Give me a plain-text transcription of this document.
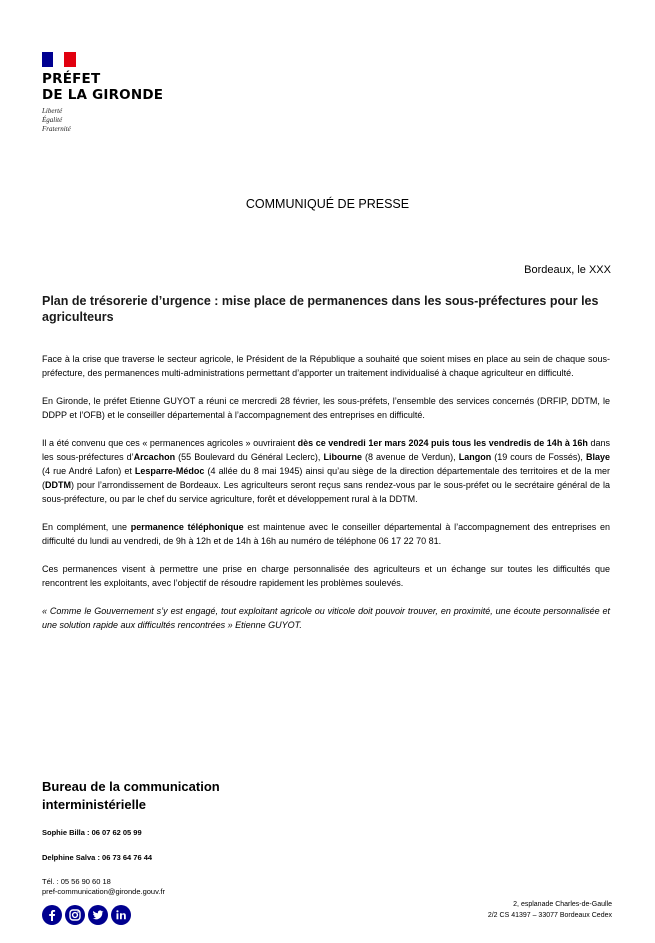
PRÉFET
DE LA GIRONDE
Liberté
Égalité
Fraternité
COMMUNIQUÉ DE PRESSE
Bordeaux, le XXX
Plan de trésorerie d’urgence : mise place de permanences dans les sous-préfectures pour les agriculteurs

Face à la crise que traverse le secteur agricole, le Président de la République a souhaité que soient mises en place au sein de chaque sous-préfecture, des permanences multi-administrations permettant d’apporter un traitement individualisé à chaque agriculteur en difficulté.

En Gironde, le préfet Etienne GUYOT a réuni ce mercredi 28 février, les sous-préfets, l’ensemble des services concernés (DRFIP, DDTM, le DDPP et l’OFB) et le conseiller départemental à l’accompagnement des entreprises en difficulté.

Il a été convenu que ces « permanences agricoles » ouvriraient dès ce vendredi 1er mars 2024 puis tous les vendredis de 14h à 16h dans les sous-préfectures d’Arcachon (55 Boulevard du Général Leclerc), Libourne (8 avenue de Verdun), Langon (19 cours de Fossés), Blaye (4 rue André Lafon) et Lesparre-Médoc (4 allée du 8 mai 1945) ainsi qu’au siège de la direction départementale des territoires et de la mer (DDTM) pour l’arrondissement de Bordeaux. Les agriculteurs seront reçus sans rendez-vous par le sous-préfet ou le secrétaire général de la sous-préfecture, ou par le chef du service agriculture, forêt et développement rural à la DDTM.

En complément, une permanence téléphonique est maintenue avec le conseiller départemental à l’accompagnement des entreprises en difficulté du lundi au vendredi, de 9h à 12h et de 14h à 16h au numéro de téléphone 06 17 22 70 81.

Ces permanences visent à permettre une prise en charge personnalisée des agriculteurs et un échange sur toutes les difficultés que rencontrent les exploitants, avec l’objectif de résoudre rapidement les problèmes soulevés.

« Comme le Gouvernement s’y est engagé, tout exploitant agricole ou viticole doit pouvoir trouver, en proximité, une écoute personnalisée et une solution rapide aux difficultés rencontrées » Etienne GUYOT.

Bureau de la communication interministérielle
Sophie Billa : 06 07 62 05 99
Delphine Salva : 06 73 64 76 44
Tél. : 05 56 90 60 18
pref-communication@gironde.gouv.fr
2, esplanade Charles-de-Gaulle
2/2 CS 41397 – 33077 Bordeaux Cedex
